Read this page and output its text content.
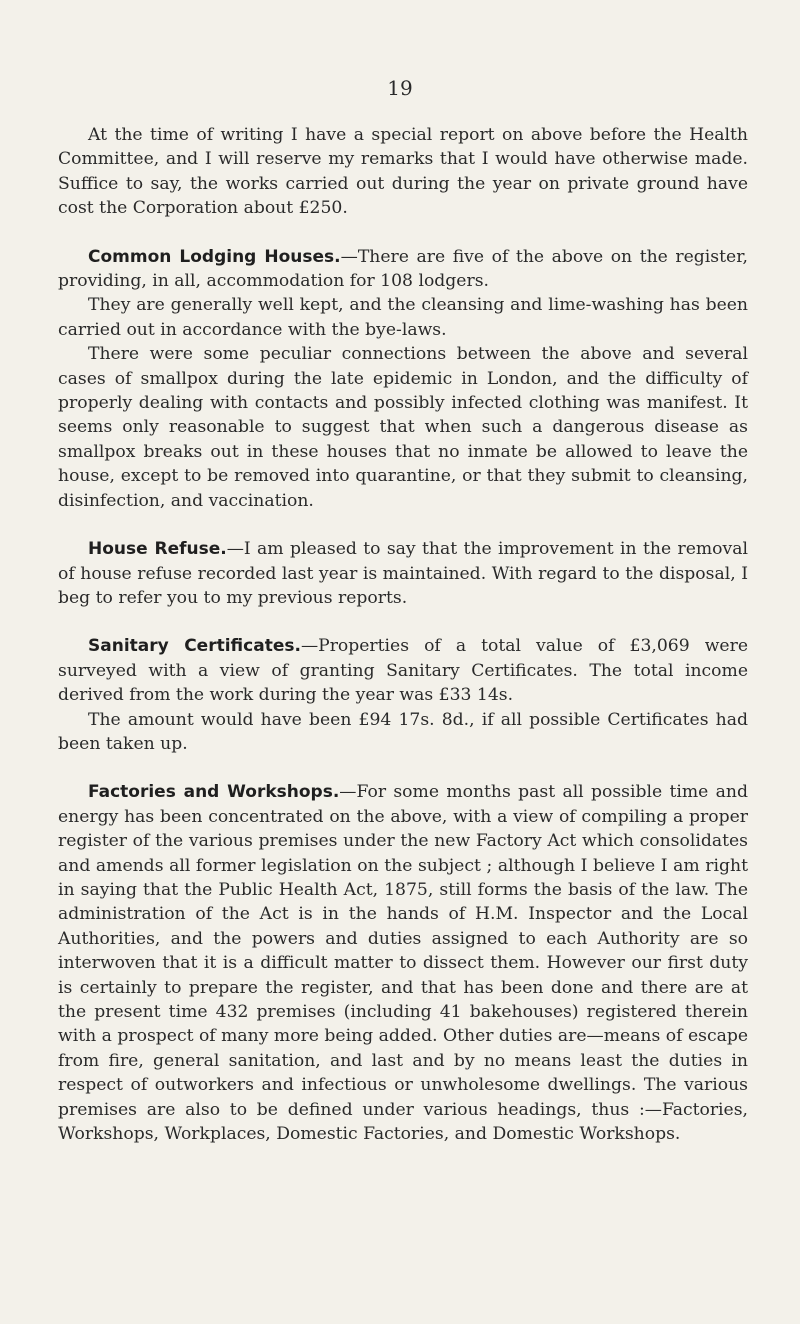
19

At the time of writing I have a special report on above before the Health Committee, and I will reserve my remarks that I would have otherwise made. Suffice to say, the works carried out during the year on private ground have cost the Corporation about £250.

Common Lodging Houses.—There are five of the above on the register, providing, in all, accommodation for 108 lodgers.

They are generally well kept, and the cleansing and lime-washing has been carried out in accordance with the bye-laws.

There were some peculiar connections between the above and several cases of smallpox during the late epidemic in London, and the difficulty of properly dealing with contacts and possibly infected clothing was manifest. It seems only reasonable to suggest that when such a dangerous disease as smallpox breaks out in these houses that no inmate be allowed to leave the house, except to be removed into quarantine, or that they submit to cleansing, disinfection, and vaccination.

House Refuse.—I am pleased to say that the improvement in the removal of house refuse recorded last year is maintained. With regard to the disposal, I beg to refer you to my previous reports.

Sanitary Certificates.—Properties of a total value of £3,069 were surveyed with a view of granting Sanitary Certificates. The total income derived from the work during the year was £33 14s.

The amount would have been £94 17s. 8d., if all possible Certificates had been taken up.

Factories and Workshops.—For some months past all possible time and energy has been concentrated on the above, with a view of compiling a proper register of the various premises under the new Factory Act which consolidates and amends all former legislation on the subject ; although I believe I am right in saying that the Public Health Act, 1875, still forms the basis of the law. The administration of the Act is in the hands of H.M. Inspector and the Local Authorities, and the powers and duties assigned to each Authority are so interwoven that it is a difficult matter to dissect them. However our first duty is certainly to prepare the register, and that has been done and there are at the present time 432 premises (including 41 bakehouses) registered therein with a prospect of many more being added. Other duties are—means of escape from fire, general sanitation, and last and by no means least the duties in respect of outworkers and infectious or unwholesome dwellings. The various premises are also to be defined under various headings, thus :—Factories, Workshops, Workplaces, Domestic Factories, and Domestic Workshops.
